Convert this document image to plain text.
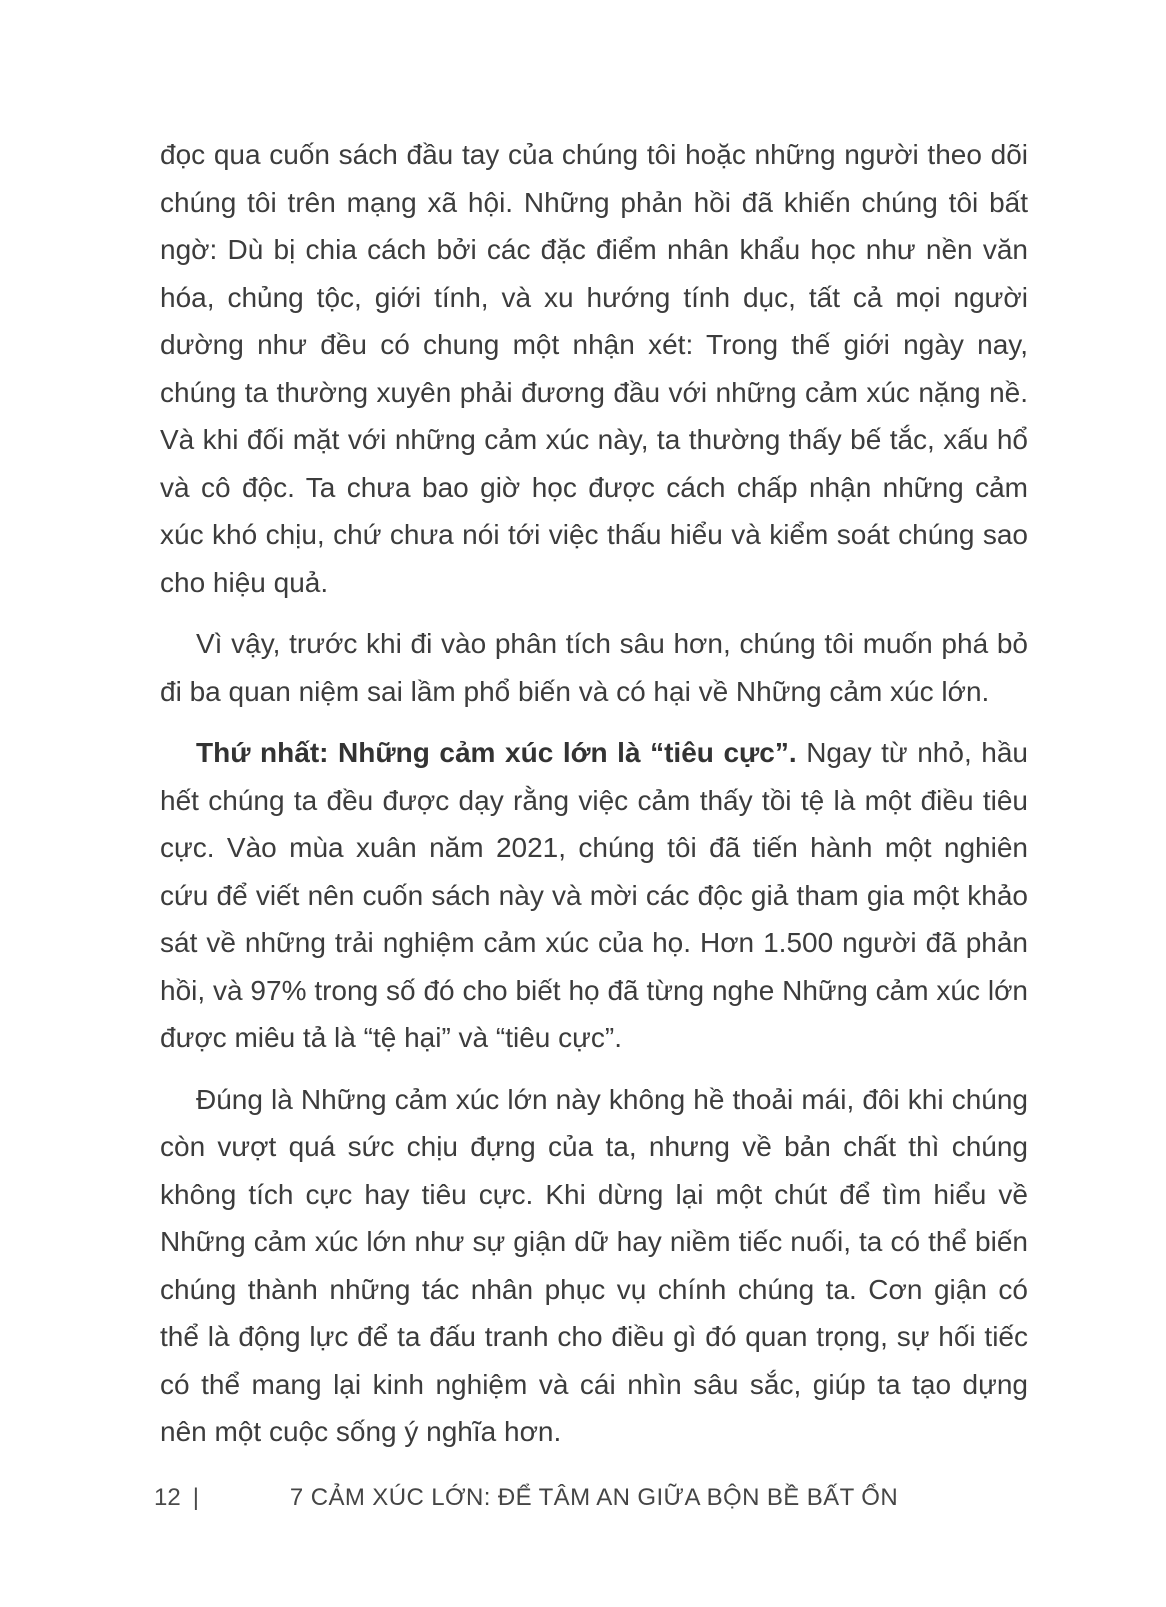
đọc qua cuốn sách đầu tay của chúng tôi hoặc những người theo dõi chúng tôi trên mạng xã hội. Những phản hồi đã khiến chúng tôi bất ngờ: Dù bị chia cách bởi các đặc điểm nhân khẩu học như nền văn hóa, chủng tộc, giới tính, và xu hướng tính dục, tất cả mọi người dường như đều có chung một nhận xét: Trong thế giới ngày nay, chúng ta thường xuyên phải đương đầu với những cảm xúc nặng nề. Và khi đối mặt với những cảm xúc này, ta thường thấy bế tắc, xấu hổ và cô độc. Ta chưa bao giờ học được cách chấp nhận những cảm xúc khó chịu, chứ chưa nói tới việc thấu hiểu và kiểm soát chúng sao cho hiệu quả.

Vì vậy, trước khi đi vào phân tích sâu hơn, chúng tôi muốn phá bỏ đi ba quan niệm sai lầm phổ biến và có hại về Những cảm xúc lớn.

Thứ nhất: Những cảm xúc lớn là “tiêu cực”. Ngay từ nhỏ, hầu hết chúng ta đều được dạy rằng việc cảm thấy tồi tệ là một điều tiêu cực. Vào mùa xuân năm 2021, chúng tôi đã tiến hành một nghiên cứu để viết nên cuốn sách này và mời các độc giả tham gia một khảo sát về những trải nghiệm cảm xúc của họ. Hơn 1.500 người đã phản hồi, và 97% trong số đó cho biết họ đã từng nghe Những cảm xúc lớn được miêu tả là “tệ hại” và “tiêu cực”.

Đúng là Những cảm xúc lớn này không hề thoải mái, đôi khi chúng còn vượt quá sức chịu đựng của ta, nhưng về bản chất thì chúng không tích cực hay tiêu cực. Khi dừng lại một chút để tìm hiểu về Những cảm xúc lớn như sự giận dữ hay niềm tiếc nuối, ta có thể biến chúng thành những tác nhân phục vụ chính chúng ta. Cơn giận có thể là động lực để ta đấu tranh cho điều gì đó quan trọng, sự hối tiếc có thể mang lại kinh nghiệm và cái nhìn sâu sắc, giúp ta tạo dựng nên một cuộc sống ý nghĩa hơn.

12 |	7 CẢM XÚC LỚN: ĐỂ TÂM AN GIỮA BỘN BỀ BẤT ỔN
